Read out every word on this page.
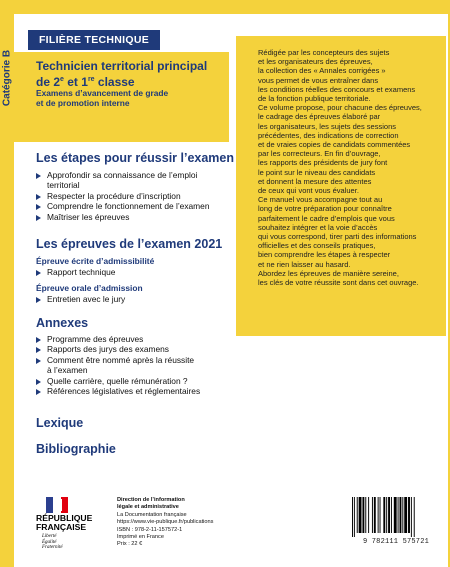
Catégorie B
FILIÈRE TECHNIQUE
Technicien territorial principal
de 2e et 1re classe
Examens d’avancement de grade
et de promotion interne
Rédigée par les concepteurs des sujets
et les organisateurs des épreuves,
la collection des « Annales corrigées »
vous permet de vous entraîner dans
les conditions réelles des concours et examens
de la fonction publique territoriale.
Ce volume propose, pour chacune des épreuves,
le cadrage des épreuves élaboré par
les organisateurs, les sujets des sessions
précédentes, des indications de correction
et de vraies copies de candidats commentées
par les correcteurs. En fin d’ouvrage,
les rapports des présidents de jury font
le point sur le niveau des candidats
et donnent la mesure des attentes
de ceux qui vont vous évaluer.
Ce manuel vous accompagne tout au
long de votre préparation pour connaître
parfaitement le cadre d’emplois que vous
souhaitez intégrer et la voie d’accès
qui vous correspond, tirer parti des informations
officielles et des conseils pratiques,
bien comprendre les étapes à respecter
et ne rien laisser au hasard.
Abordez les épreuves de manière sereine,
les clés de votre réussite sont dans cet ouvrage.
Les étapes pour réussir l’examen
Approfondir sa connaissance de l’emploi
territorial
Respecter la procédure d’inscription
Comprendre le fonctionnement de l’examen
Maîtriser les épreuves
Les épreuves de l’examen 2021
Épreuve écrite d’admissibilité
Rapport technique
Épreuve orale d’admission
Entretien avec le jury
Annexes
Programme des épreuves
Rapports des jurys des examens
Comment être nommé après la réussite
à l’examen
Quelle carrière, quelle rémunération ?
Références législatives et réglementaires
Lexique
Bibliographie
RÉPUBLIQUE
FRANÇAISE
Liberté
Égalité
Fraternité
Direction de l’information
légale et administrative
La Documentation française
https://www.vie-publique.fr/publications
ISBN : 978-2-11-157572-1
Imprimé en France
Prix : 22 €	9 782111 575721
